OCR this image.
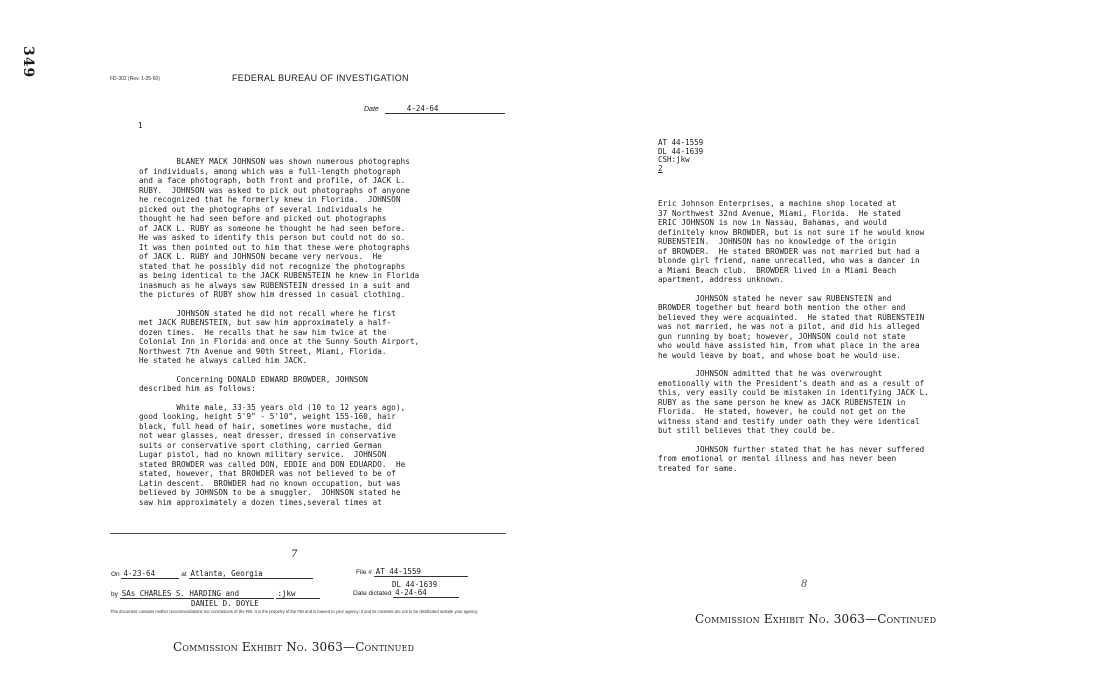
349
FD-302 (Rev. 1-25-60)	FEDERAL BUREAU OF INVESTIGATION
Date	4-24-64
1

BLANEY MACK JOHNSON was shown numerous photographs
of individuals, among which was a full-length photograph
and a face photograph, both front and profile, of JACK L.
RUBY.  JOHNSON was asked to pick out photographs of anyone
he recognized that he formerly knew in Florida.  JOHNSON
picked out the photographs of several individuals he
thought he had seen before and picked out photographs
of JACK L. RUBY as someone he thought he had seen before.
He was asked to identify this person but could not do so.
It was then pointed out to him that these were photographs
of JACK L. RUBY and JOHNSON became very nervous.  He
stated that he possibly did not recognize the photographs
as being identical to the JACK RUBENSTEIN he knew in Florida
inasmuch as he always saw RUBENSTEIN dressed in a suit and
the pictures of RUBY show him dressed in casual clothing.

JOHNSON stated he did not recall where he first
met JACK RUBENSTEIN, but saw him approximately a half-
dozen times.  He recalls that he saw him twice at the
Colonial Inn in Florida and once at the Sunny South Airport,
Northwest 7th Avenue and 90th Street, Miami, Florida.
He stated he always called him JACK.

Concerning DONALD EDWARD BROWDER, JOHNSON
described him as follows:

White male, 33-35 years old (10 to 12 years ago),
good looking, height 5'9" - 5'10", weight 155-160, hair
black, full head of hair, sometimes wore mustache, did
not wear glasses, neat dresser, dressed in conservative
suits or conservative sport clothing, carried German
Lugar pistol, had no known military service.  JOHNSON
stated BROWDER was called DON, EDDIE and DON EDUARDO.  He
stated, however, that BROWDER was not believed to be of
Latin descent.  BROWDER had no known occupation, but was
believed by JOHNSON to be a smuggler.  JOHNSON stated he
saw him approximately a dozen times,several times at

7
On 4-23-64	at Atlanta, Georgia	File # AT 44-1559
DL 44-1639
by SAs CHARLES S. HARDING and	:jkw	Date dictated 4-24-64
DANIEL D. DOYLE
This document contains neither recommendations nor conclusions of the FBI. It is the property of the FBI and is loaned to your agency; it and its contents are not to be distributed outside your agency.
Commission Exhibit No. 3063—Continued
AT 44-1559
DL 44-1639
CSH:jkw
2

Eric Johnson Enterprises, a machine shop located at
37 Northwest 32nd Avenue, Miami, Florida.  He stated
ERIC JOHNSON is now in Nassau, Bahamas, and would
definitely know BROWDER, but is not sure if he would know
RUBENSTEIN.  JOHNSON has no knowledge of the origin
of BROWDER.  He stated BROWDER was not married but had a
blonde girl friend, name unrecalled, who was a dancer in
a Miami Beach club.  BROWDER lived in a Miami Beach
apartment, address unknown.

JOHNSON stated he never saw RUBENSTEIN and
BROWDER together but heard both mention the other and
believed they were acquainted.  He stated that RUBENSTEIN
was not married, he was not a pilot, and did his alleged
gun running by boat; however, JOHNSON could not state
who would have assisted him, from what place in the area
he would leave by boat, and whose boat he would use.

JOHNSON admitted that he was overwrought
emotionally with the President's death and as a result of
this, very easily could be mistaken in identifying JACK L.
RUBY as the same person he knew as JACK RUBENSTEIN in
Florida.  He stated, however, he could not get on the
witness stand and testify under oath they were identical
but still believes that they could be.

JOHNSON further stated that he has never suffered
from emotional or mental illness and has never been
treated for same.

8
Commission Exhibit No. 3063—Continued
